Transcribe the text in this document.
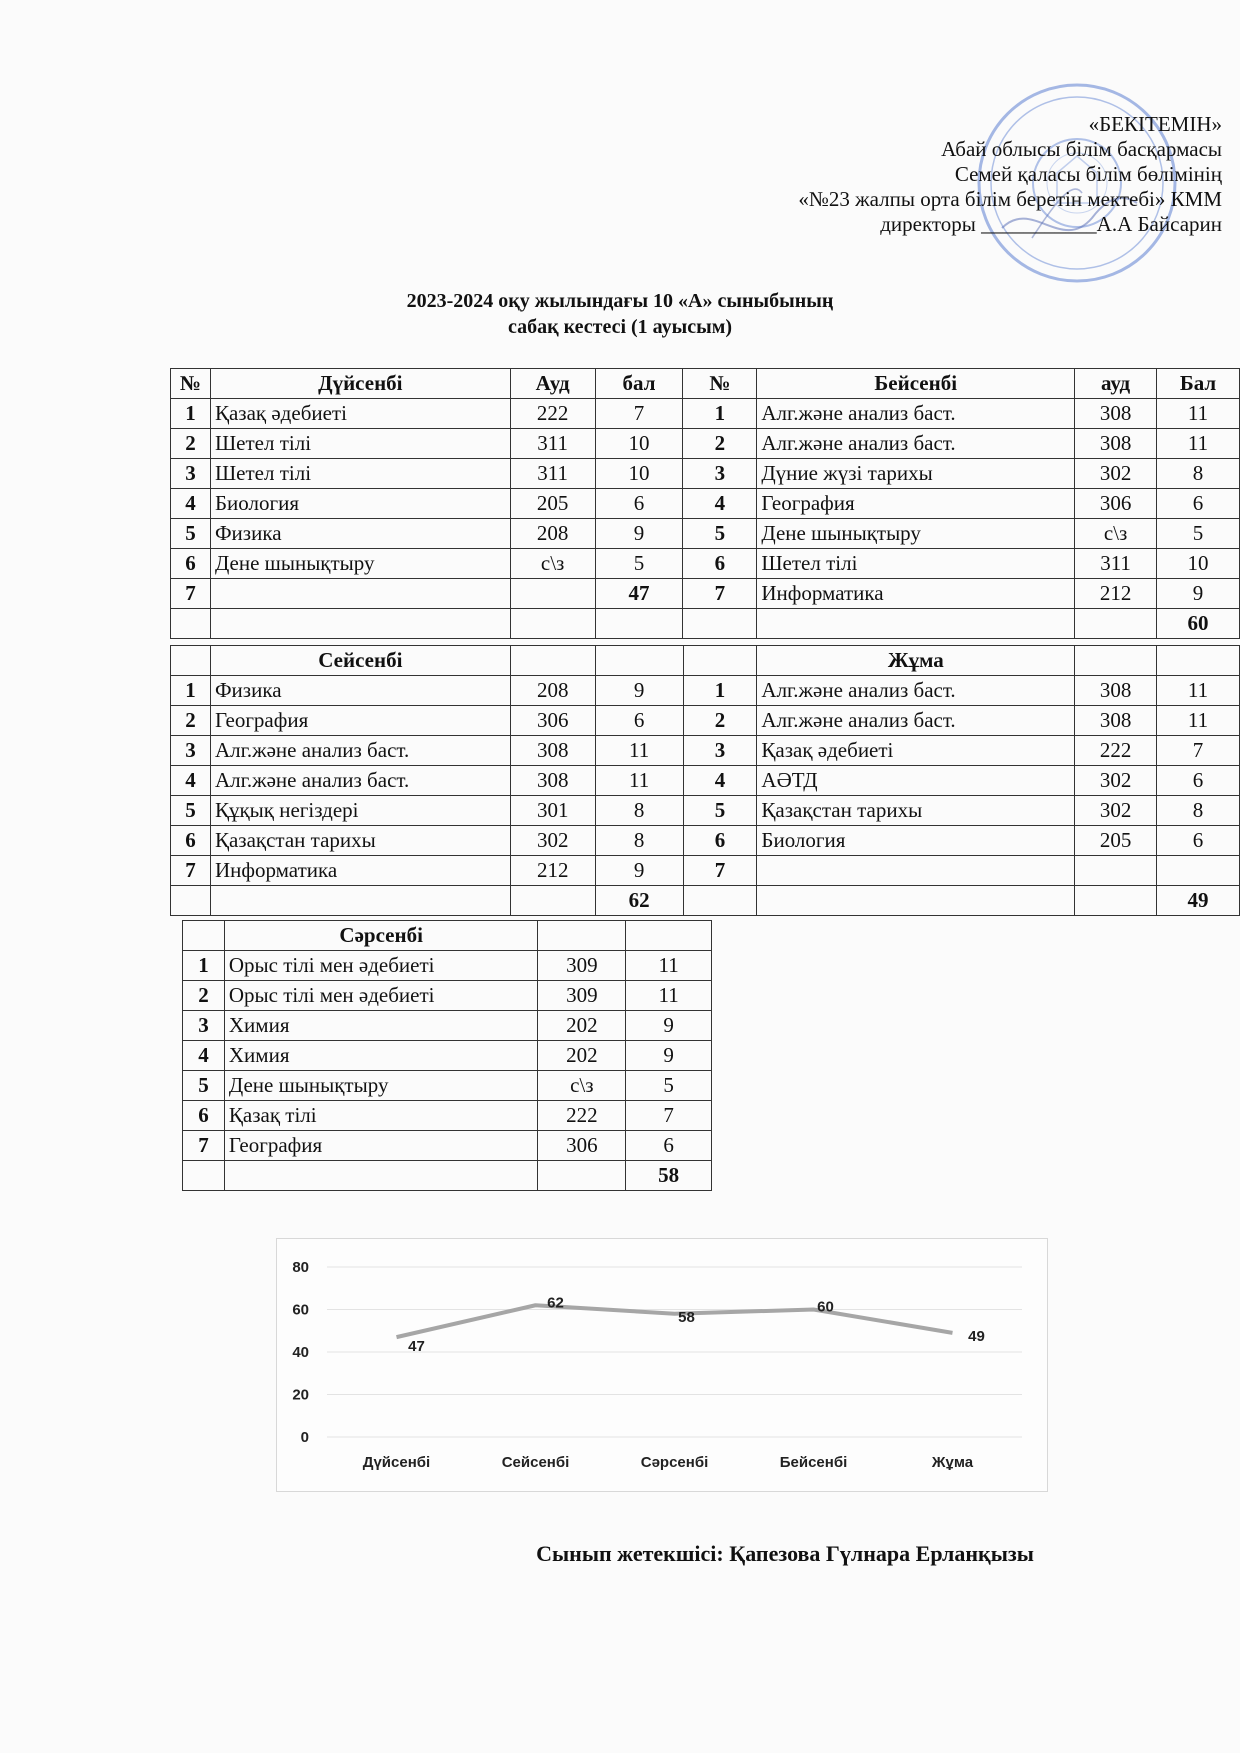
«БЕКІТЕМІН»
Абай облысы білім басқармасы
Семей қаласы білім бөлімінің
«№23 жалпы орта білім беретін мектебі» КММ
директоры ___________А.А Байсарин
2023-2024 оқу жылындағы 10 «А» сыныбының
сабақ кестесі (1 ауысым)
№	Дүйсенбі	Ауд	бал	№	Бейсенбі	ауд	Бал
1	Қазақ әдебиеті	222	7	1	Алг.және анализ баст.	308	11
2	Шетел тілі	311	10	2	Алг.және анализ баст.	308	11
3	Шетел тілі	311	10	3	Дүние жүзі тарихы	302	8
4	Биология	205	6	4	География	306	6
5	Физика	208	9	5	Дене шынықтыру	с\з	5
6	Дене шынықтыру	с\з	5	6	Шетел тілі	311	10
7			47	7	Информатика	212	9
							60
	Сейсенбі				Жұма		
1	Физика	208	9	1	Алг.және анализ баст.	308	11
2	География	306	6	2	Алг.және анализ баст.	308	11
3	Алг.және анализ баст.	308	11	3	Қазақ әдебиеті	222	7
4	Алг.және анализ баст.	308	11	4	АӘТД	302	6
5	Құқық негіздері	301	8	5	Қазақстан тарихы	302	8
6	Қазақстан тарихы	302	8	6	Биология	205	6
7	Информатика	212	9	7			
			62				49
	Сәрсенбі		
1	Орыс тілі мен әдебиеті	309	11
2	Орыс тілі мен әдебиеті	309	11
3	Химия	202	9
4	Химия	202	9
5	Дене шынықтыру	с\з	5
6	Қазақ тілі	222	7
7	География	306	6
			58
0
20
40
60
80
Дүйсенбі	Сейсенбі	Сәрсенбі	Бейсенбі	Жұма
47
62
58
60
49
Сынып жетекшісі: Қапезова Гүлнара Ерланқызы
